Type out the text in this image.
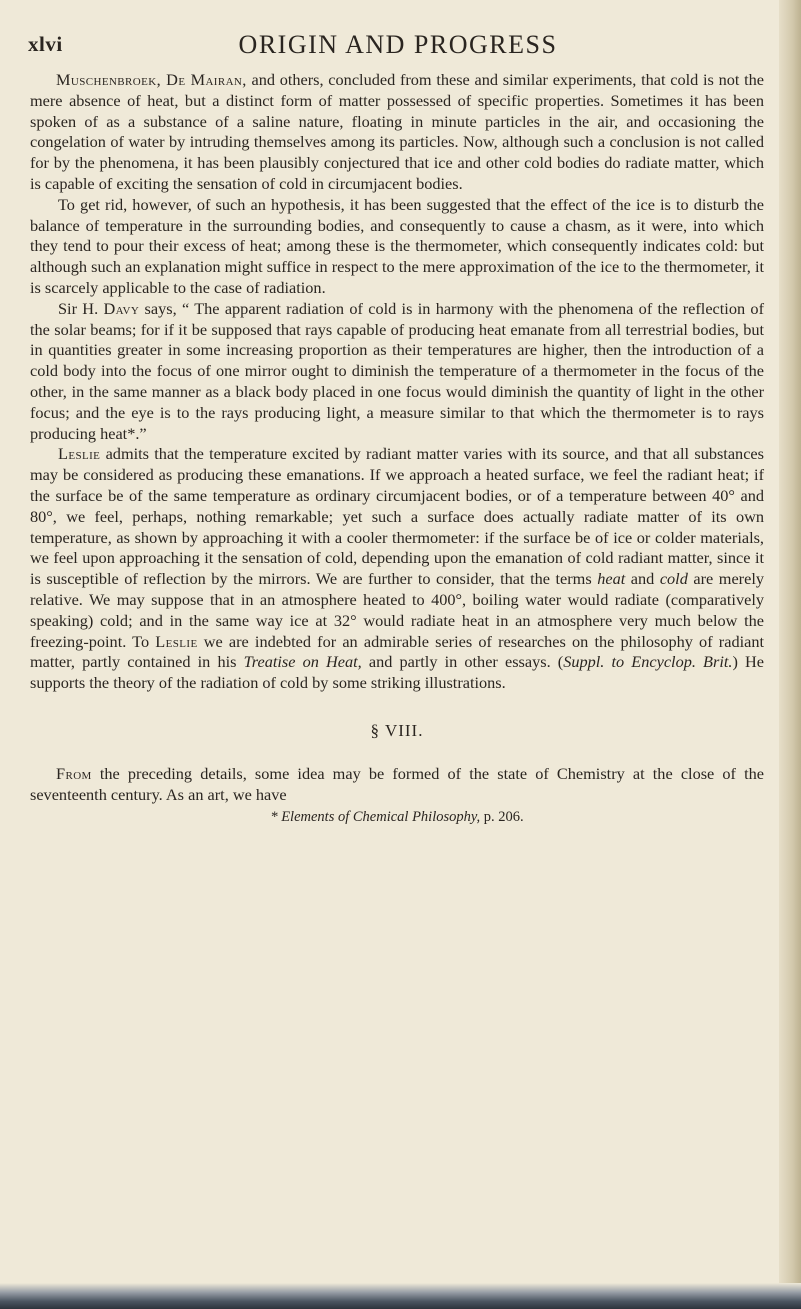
xlvi	ORIGIN AND PROGRESS

Muschenbroek, De Mairan, and others, concluded from these and similar experiments, that cold is not the mere absence of heat, but a distinct form of matter possessed of specific properties. Sometimes it has been spoken of as a substance of a saline nature, floating in minute particles in the air, and occasioning the congelation of water by intruding themselves among its particles. Now, although such a conclusion is not called for by the phenomena, it has been plausibly conjectured that ice and other cold bodies do radiate matter, which is capable of exciting the sensation of cold in circumjacent bodies.

To get rid, however, of such an hypothesis, it has been suggested that the effect of the ice is to disturb the balance of temperature in the surrounding bodies, and consequently to cause a chasm, as it were, into which they tend to pour their excess of heat; among these is the thermometer, which consequently indicates cold: but although such an explanation might suffice in respect to the mere approximation of the ice to the thermometer, it is scarcely applicable to the case of radiation.

Sir H. Davy says, “ The apparent radiation of cold is in harmony with the phenomena of the reflection of the solar beams; for if it be supposed that rays capable of producing heat emanate from all terrestrial bodies, but in quantities greater in some increasing proportion as their temperatures are higher, then the introduction of a cold body into the focus of one mirror ought to diminish the temperature of a thermometer in the focus of the other, in the same manner as a black body placed in one focus would diminish the quantity of light in the other focus; and the eye is to the rays producing light, a measure similar to that which the thermometer is to rays producing heat*.”

Leslie admits that the temperature excited by radiant matter varies with its source, and that all substances may be considered as producing these emanations. If we approach a heated surface, we feel the radiant heat; if the surface be of the same temperature as ordinary circumjacent bodies, or of a temperature between 40° and 80°, we feel, perhaps, nothing remarkable; yet such a surface does actually radiate matter of its own temperature, as shown by approaching it with a cooler thermometer: if the surface be of ice or colder materials, we feel upon approaching it the sensation of cold, depending upon the emanation of cold radiant matter, since it is susceptible of reflection by the mirrors. We are further to consider, that the terms heat and cold are merely relative. We may suppose that in an atmosphere heated to 400°, boiling water would radiate (comparatively speaking) cold; and in the same way ice at 32° would radiate heat in an atmosphere very much below the freezing-point. To Leslie we are indebted for an admirable series of researches on the philosophy of radiant matter, partly contained in his Treatise on Heat, and partly in other essays. (Suppl. to Encyclop. Brit.) He supports the theory of the radiation of cold by some striking illustrations.

§ VIII.

From the preceding details, some idea may be formed of the state of Chemistry at the close of the seventeenth century. As an art, we have

* Elements of Chemical Philosophy, p. 206.
